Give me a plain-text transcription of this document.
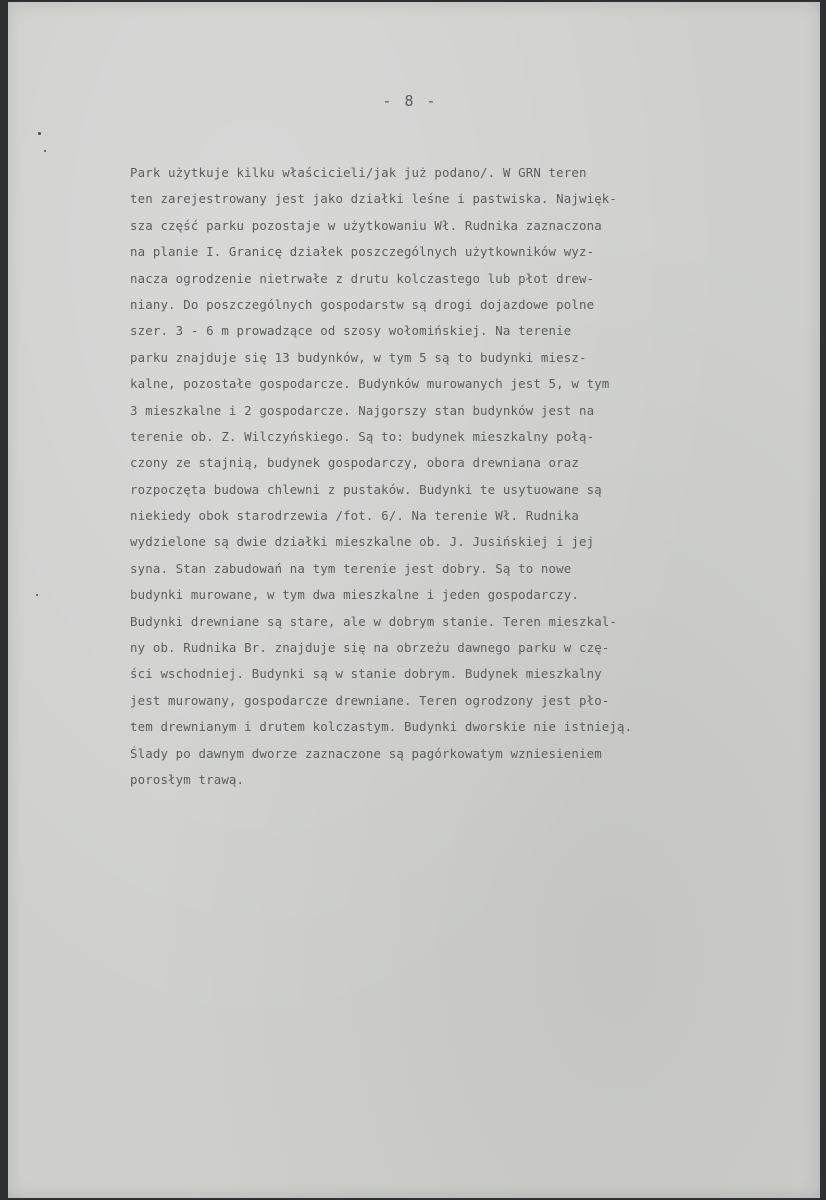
- 8 -
Park użytkuje kilku właścicieli/jak już podano/. W GRN teren
ten zarejestrowany jest jako działki leśne i pastwiska. Najwięk-
sza część parku pozostaje w użytkowaniu Wł. Rudnika zaznaczona
na planie I. Granicę działek poszczególnych użytkowników wyz-
nacza ogrodzenie nietrwałe z drutu kolczastego lub płot drew-
niany. Do poszczególnych gospodarstw są drogi dojazdowe polne
szer. 3 - 6 m prowadzące od szosy wołomińskiej. Na terenie
parku znajduje się 13 budynków, w tym 5 są to budynki miesz-
kalne, pozostałe gospodarcze. Budynków murowanych jest 5, w tym
3 mieszkalne i 2 gospodarcze. Najgorszy stan budynków jest na
terenie ob. Z. Wilczyńskiego. Są to: budynek mieszkalny połą-
czony ze stajnią, budynek gospodarczy, obora drewniana oraz
rozpoczęta budowa chlewni z pustaków. Budynki te usytuowane są
niekiedy obok starodrzewia /fot. 6/. Na terenie Wł. Rudnika
wydzielone są dwie działki mieszkalne ob. J. Jusińskiej i jej
syna. Stan zabudowań na tym terenie jest dobry. Są to nowe
budynki murowane, w tym dwa mieszkalne i jeden gospodarczy.
Budynki drewniane są stare, ale w dobrym stanie. Teren mieszkal-
ny ob. Rudnika Br. znajduje się na obrzeżu dawnego parku w czę-
ści wschodniej. Budynki są w stanie dobrym. Budynek mieszkalny
jest murowany, gospodarcze drewniane. Teren ogrodzony jest pło-
tem drewnianym i drutem kolczastym. Budynki dworskie nie istnieją.
Ślady po dawnym dworze zaznaczone są pagórkowatym wzniesieniem
porosłym trawą.
